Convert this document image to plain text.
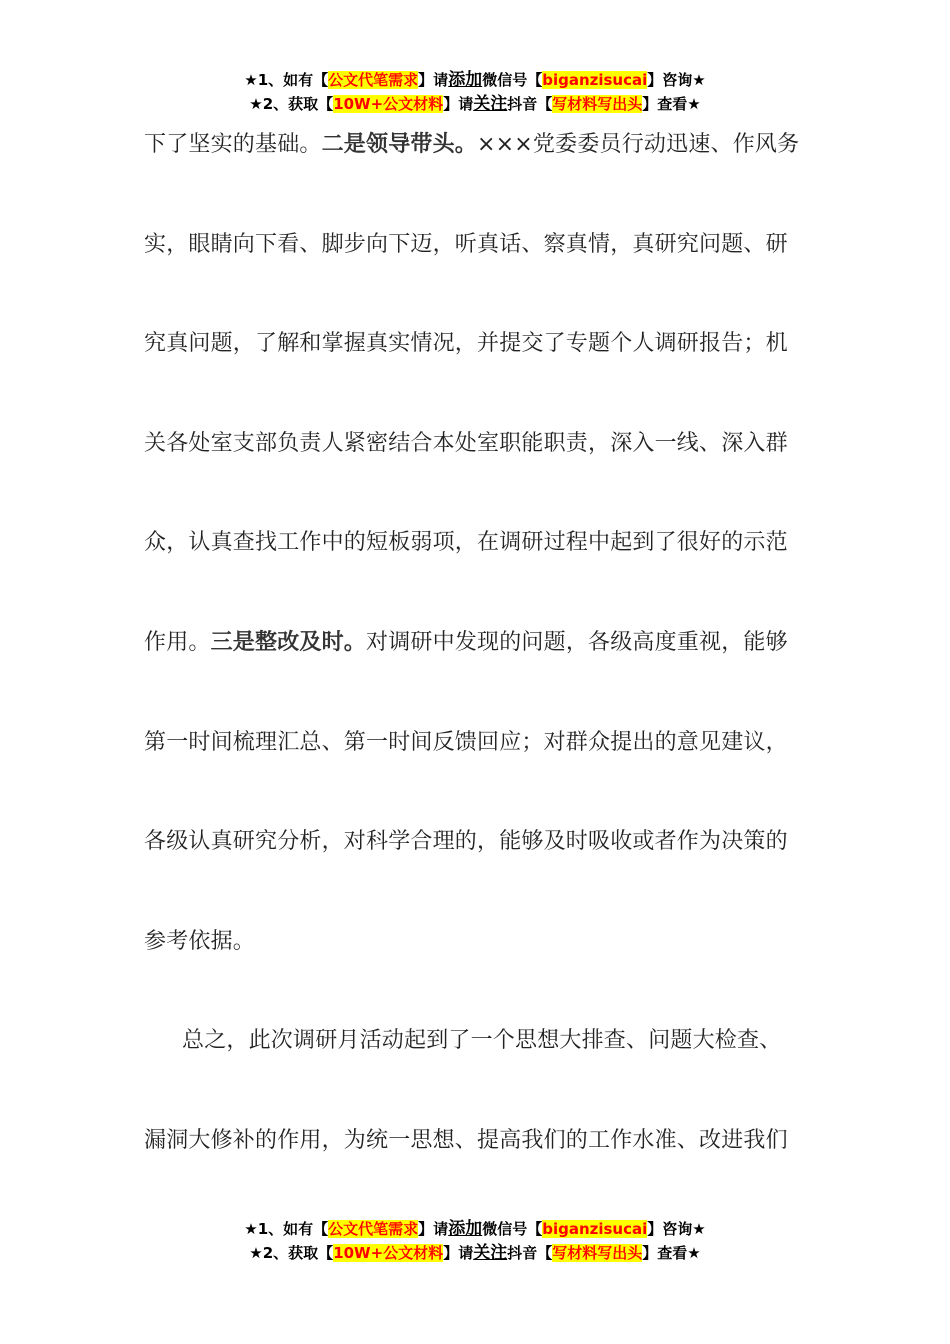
★1、如有【公文代笔需求】请添加微信号【biganzisucai】咨询★
★2、获取【10W+公文材料】请关注抖音【写材料写出头】查看★
下了坚实的基础。二是领导带头。×××党委委员行动迅速、作风务
实，眼睛向下看、脚步向下迈，听真话、察真情，真研究问题、研
究真问题，了解和掌握真实情况，并提交了专题个人调研报告；机
关各处室支部负责人紧密结合本处室职能职责，深入一线、深入群
众，认真查找工作中的短板弱项，在调研过程中起到了很好的示范
作用。三是整改及时。对调研中发现的问题，各级高度重视，能够
第一时间梳理汇总、第一时间反馈回应；对群众提出的意见建议，
各级认真研究分析，对科学合理的，能够及时吸收或者作为决策的
参考依据。
总之，此次调研月活动起到了一个思想大排查、问题大检查、
漏洞大修补的作用，为统一思想、提高我们的工作水准、改进我们
★1、如有【公文代笔需求】请添加微信号【biganzisucai】咨询★
★2、获取【10W+公文材料】请关注抖音【写材料写出头】查看★
